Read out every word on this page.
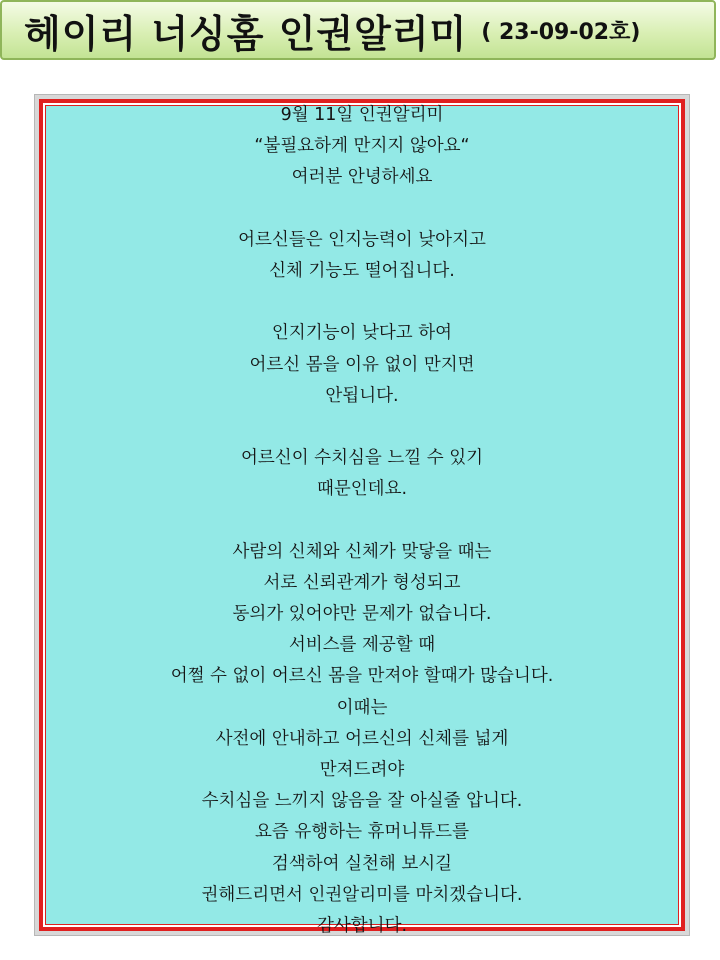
헤이리 너싱홈 인권알리미 ( 23-09-02호)
9월 11일 인권알리미
“불필요하게 만지지 않아요“
여러분 안녕하세요
어르신들은 인지능력이 낮아지고
신체 기능도 떨어집니다.
인지기능이 낮다고 하여
어르신 몸을 이유 없이 만지면
안됩니다.
어르신이 수치심을 느낄 수 있기
때문인데요.
사람의 신체와 신체가 맞닿을 때는
서로 신뢰관계가 형성되고
동의가 있어야만 문제가 없습니다.
서비스를 제공할 때
어쩔 수 없이 어르신 몸을 만져야 할때가 많습니다.
이때는
사전에 안내하고 어르신의 신체를 넓게
만져드려야
수치심을 느끼지 않음을 잘 아실줄 압니다.
요즘 유행하는 휴머니튜드를
검색하여 실천해 보시길
권해드리면서 인권알리미를 마치겠습니다.
감사합니다.
